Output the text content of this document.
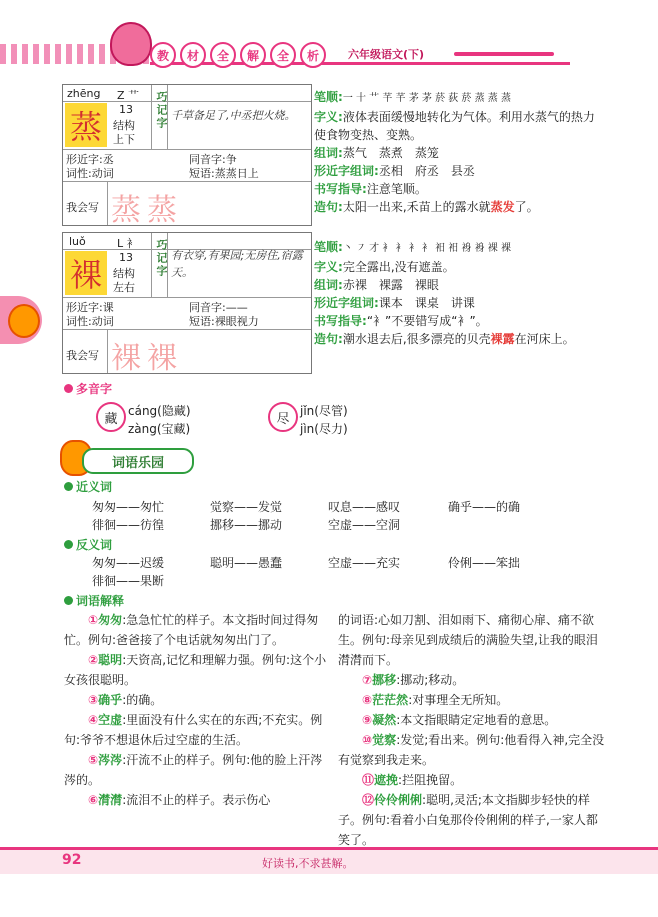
教	材	全	解	全	析	六年级语文(下)
zhēng Z 艹
蒸	13
结构
上下
巧记字 千草备足了,中丞把火烧。
形近字:丞	同音字:争
词性:动词	短语:蒸蒸日上
我会写 蒸蒸
笔顺:一 十 艹 芊 芊 茅 茅 菸 荻 菸 蒸 蒸 蒸
字义:液体表面缓慢地转化为气体。利用水蒸气的热力使食物变热、变熟。
组词:蒸气　蒸煮　蒸笼
形近字组词:丞相　府丞　县丞
书写指导:注意笔顺。
造句:太阳一出来,禾苗上的露水就蒸发了。
luǒ	L 衤
裸	13
结构
左右
巧记字 有衣穿,有果园;无房住,宿露天。
形近字:课	同音字:——
词性:动词	短语:裸眼视力
我会写 裸裸
笔顺:丶 ㇇ 才 衤 衤 衤 衤 衵 衵 裑 裑 裸 裸
字义:完全露出,没有遮盖。
组词:赤裸　裸露　裸眼
形近字组词:课本　课桌　讲课
书写指导:“衤”不要错写成“衤”。
造句:潮水退去后,很多漂亮的贝壳裸露在河床上。
多音字
藏
cáng(隐藏)
zàng(宝藏)
尽
jǐn(尽管)
jìn(尽力)
词语乐园
近义词
匆匆——匆忙	觉察——发觉	叹息——感叹	确乎——的确
徘徊——彷徨	挪移——挪动	空虚——空洞
反义词
匆匆——迟缓	聪明——愚蠢	空虚——充实	伶俐——笨拙
徘徊——果断
词语解释

①匆匆:急急忙忙的样子。本文指时间过得匆忙。例句:爸爸接了个电话就匆匆出门了。

②聪明:天资高,记忆和理解力强。例句:这个小女孩很聪明。

③确乎:的确。

④空虚:里面没有什么实在的东西;不充实。例句:爷爷不想退休后过空虚的生活。

⑤涔涔:汗流不止的样子。例句:他的脸上汗涔涔的。

⑥潸潸:流泪不止的样子。表示伤心

的词语:心如刀割、泪如雨下、痛彻心扉、痛不欲生。例句:母亲见到成绩后的满脸失望,让我的眼泪潸潸而下。

⑦挪移:挪动;移动。

⑧茫茫然:对事理全无所知。

⑨凝然:本文指眼睛定定地看的意思。

⑩觉察:发觉;看出来。例句:他看得入神,完全没有觉察到我走来。

⑪遮挽:拦阻挽留。

⑫伶伶俐俐:聪明,灵活;本文指脚步轻快的样子。例句:看着小白兔那伶伶俐俐的样子,一家人都笑了。

92	好读书,不求甚解。
